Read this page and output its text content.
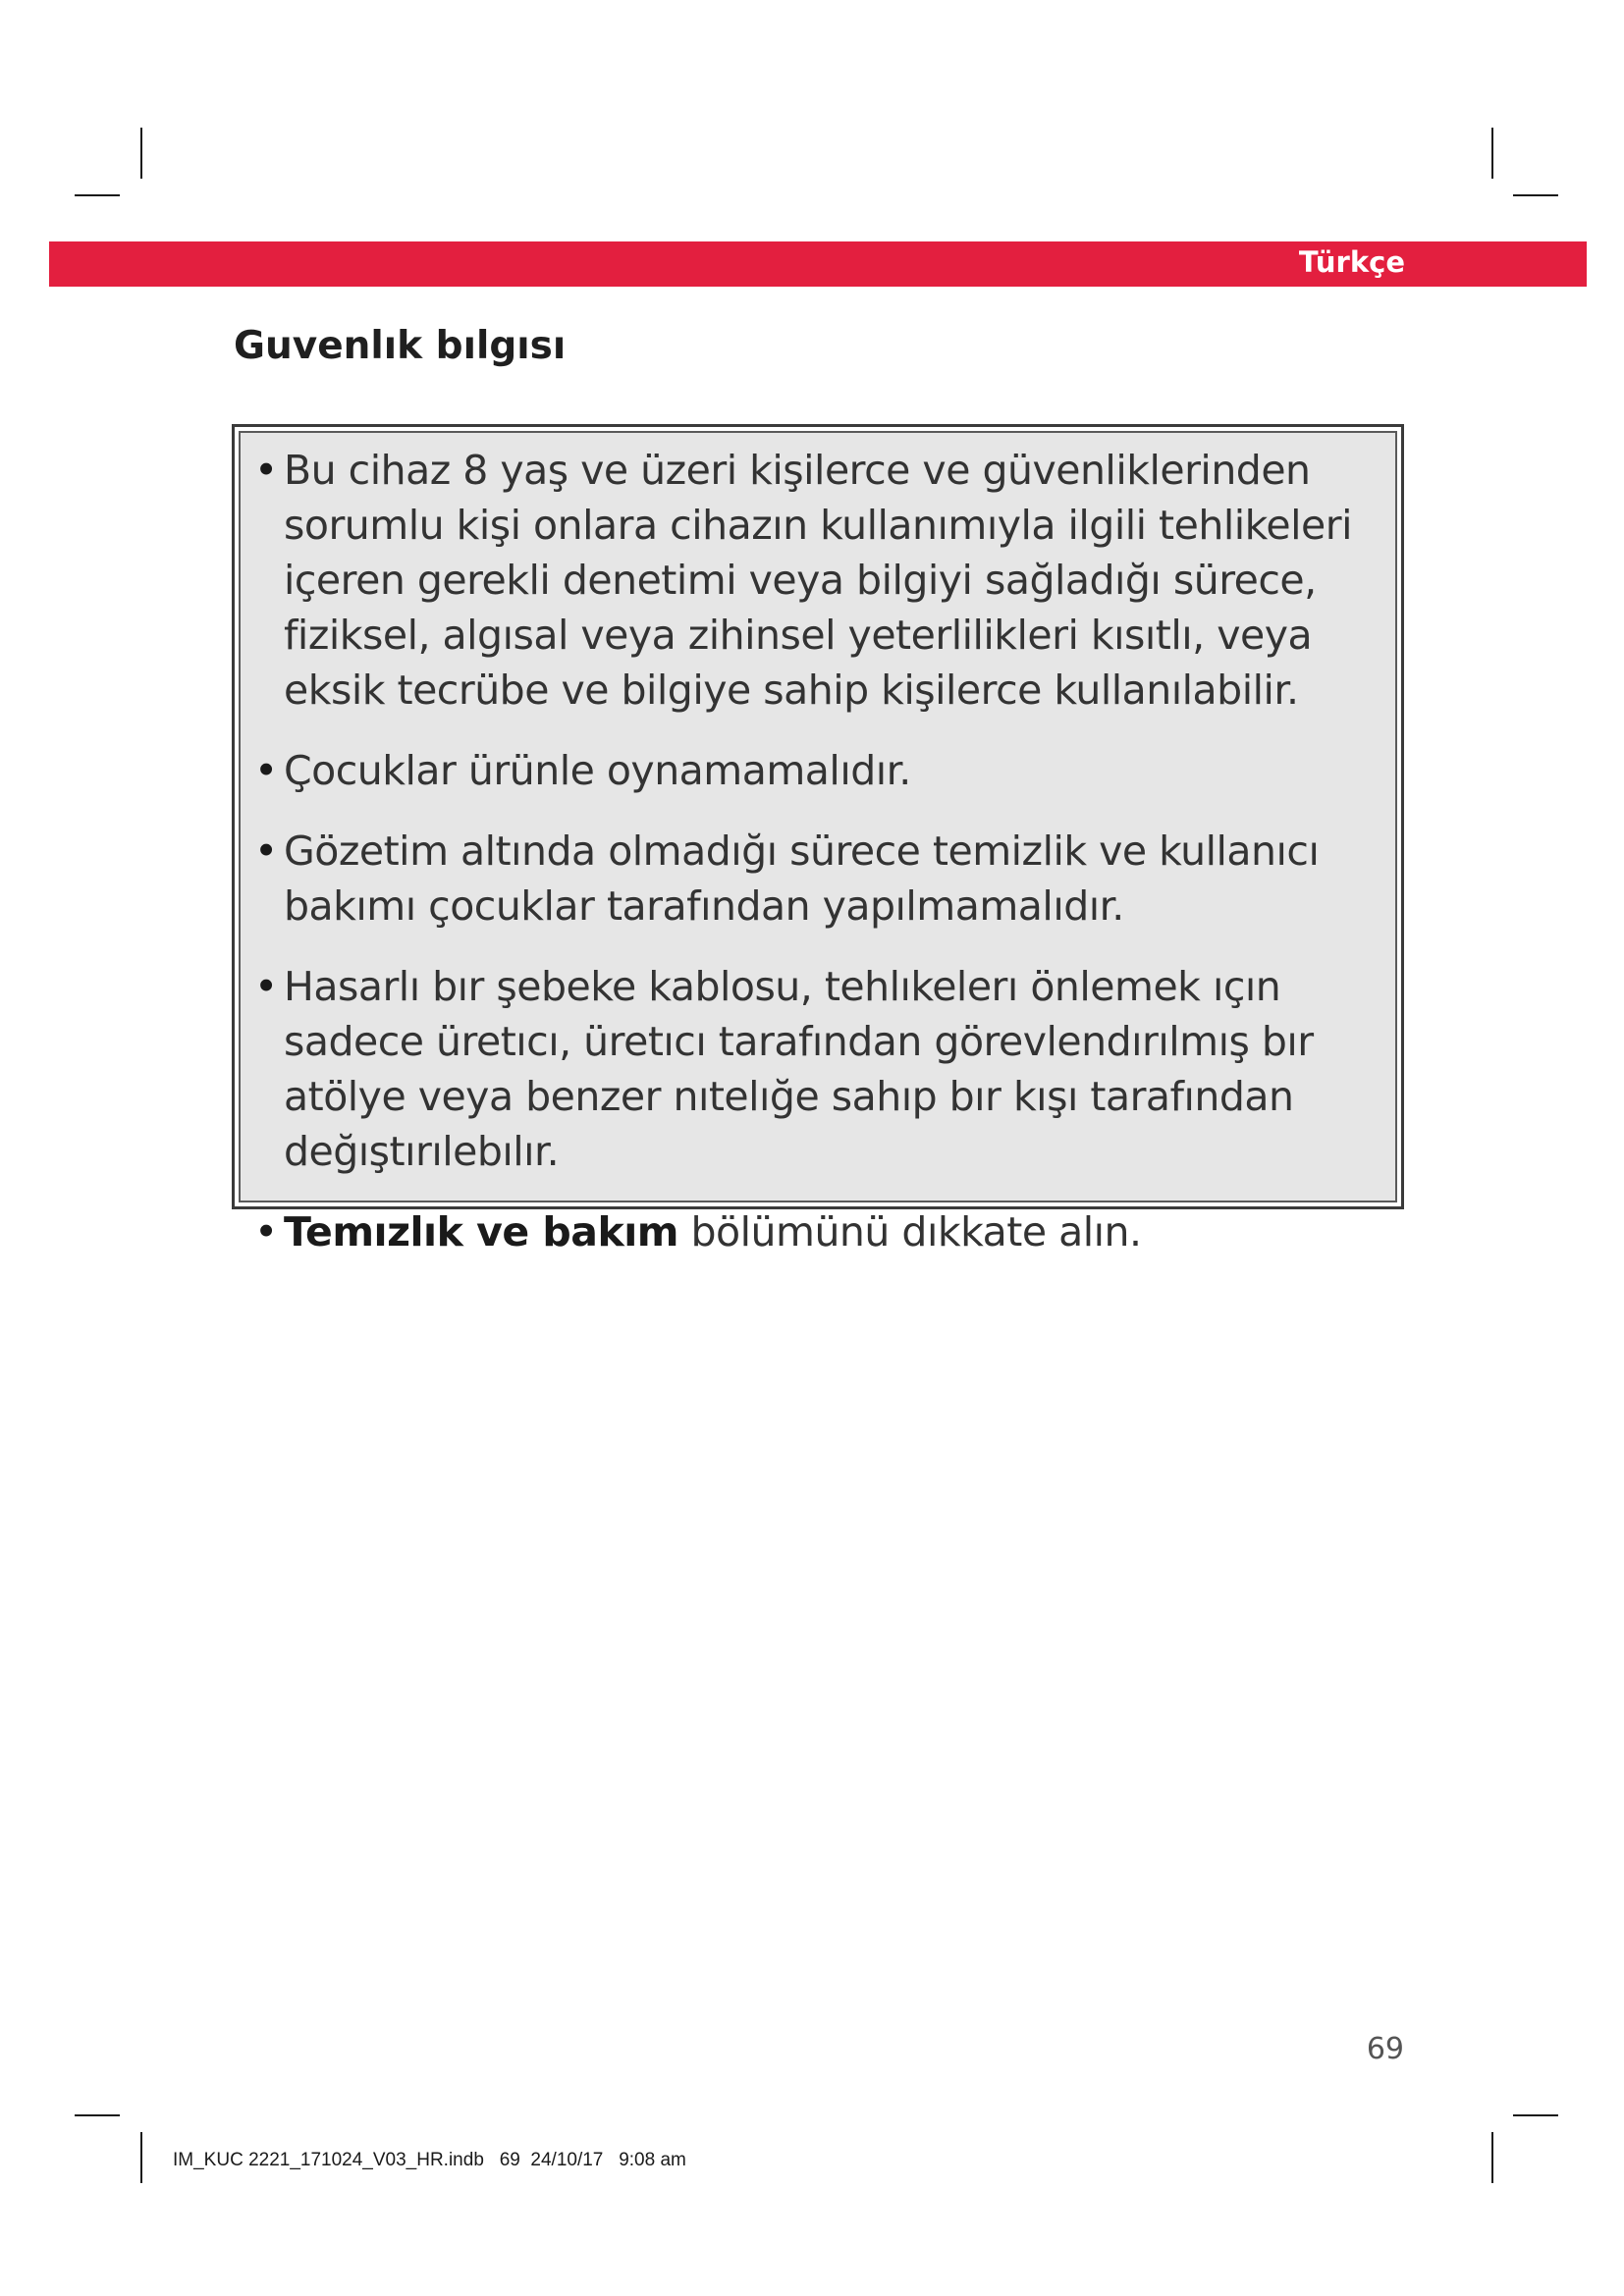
Türkçe
Guvenlık bılgısı
• Bu cihaz 8 yaş ve üzeri kişilerce ve güvenliklerinden sorumlu kişi onlara cihazın kullanımıyla ilgili tehlikeleri içeren gerekli denetimi veya bilgiyi sağladığı sürece, fiziksel, algısal veya zihinsel yeterlilikleri kısıtlı, veya eksik tecrübe ve bilgiye sahip kişilerce kullanılabilir.
• Çocuklar ürünle oynamamalıdır.
• Gözetim altında olmadığı sürece temizlik ve kullanıcı bakımı çocuklar tarafından yapılmamalıdır.
• Hasarlı bır şebeke kablosu, tehlıkelerı önlemek ıçın sadece üretıcı, üretıcı tarafından görevlendırılmış bır atölye veya benzer nıtelığe sahıp bır kışı tarafından değıştırılebılır.
• Temızlık ve bakım bölümünü dıkkate alın.
69
IM_KUC 2221_171024_V03_HR.indb   69  24/10/17   9:08 am
